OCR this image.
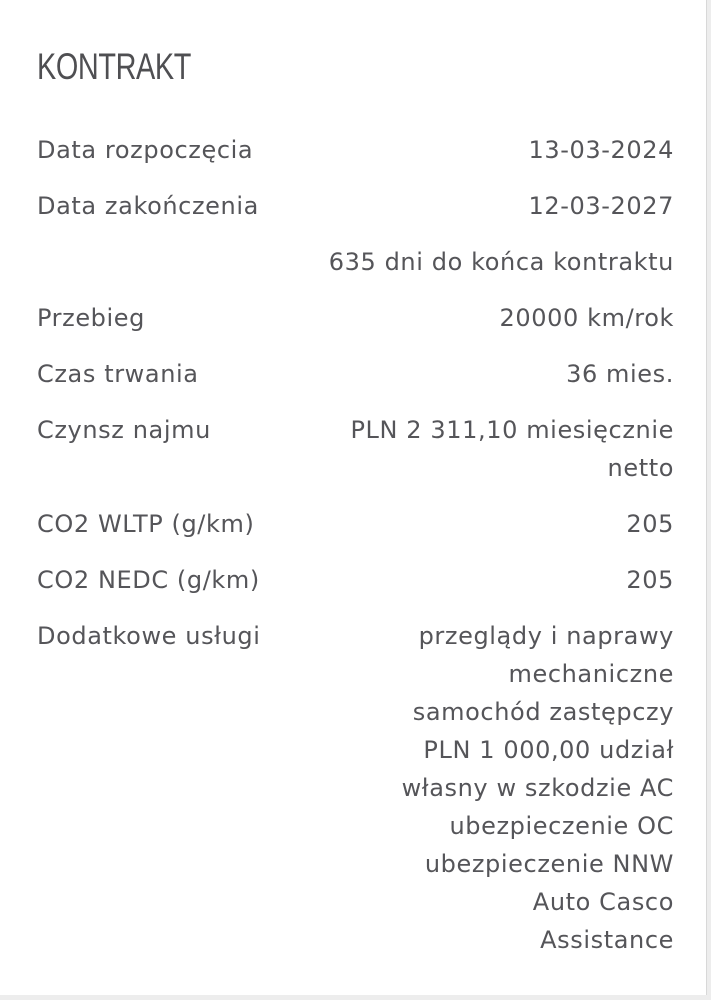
KONTRAKT
Data rozpoczęcia	13-03-2024
Data zakończenia	12-03-2027
635 dni do końca kontraktu
Przebieg	20000 km/rok
Czas trwania	36 mies.
Czynsz najmu	PLN 2 311,10 miesięcznie netto
CO2 WLTP (g/km)	205
CO2 NEDC (g/km)	205
Dodatkowe usługi	przeglądy i naprawy mechaniczne
samochód zastępczy
PLN 1 000,00 udział własny w szkodzie AC
ubezpieczenie OC
ubezpieczenie NNW
Auto Casco
Assistance
